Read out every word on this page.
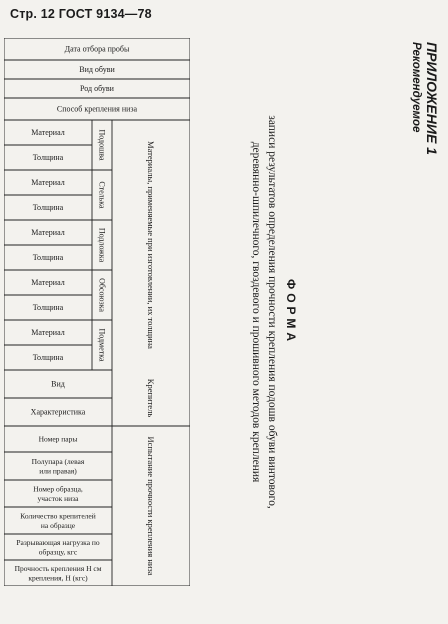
Стр. 12 ГОСТ 9134—78
ПРИЛОЖЕНИЕ 1
Рекомендуемое
ФОРМА
записи результатов определения прочности крепления подошв обуви винтового,
деревянно-шпилечного, гвоздевого и прошивного методов крепления
Дата отбора пробы
Вид обуви
Род обуви
Способ крепления низа
Материалы, применяемые при изготовлении, их толщина
Подошва
Материал
Толщина
Стелька
Материал
Толщина
Подложка
Материал
Толщина
Обсоюзка
Материал
Толщина
Подметка
Материал
Толщина
Крепитель
Вид
Характеристика
Испытание прочности крепления низа
Номер пары
Полупара (левая или правая)
Номер образца, участок низа
Количество крепителей на образце
Разрывающая нагрузка по образцу, кгс
Прочность крепления Н см крепления, Н (кгс)
